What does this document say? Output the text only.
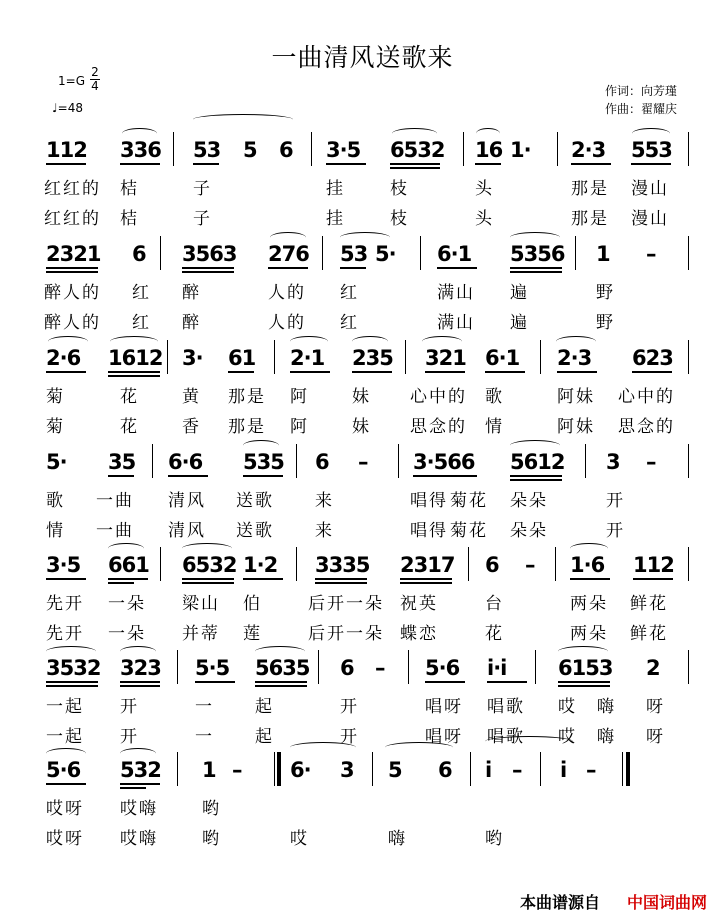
一曲清风送歌来
1=G
2
4
♩=48
作词：向芳瑾
作曲：翟耀庆
112 336 53 5 6 3·5 6532 16 1· 2·3 553
红红的 桔	子	挂	枝	头	那是 漫山
红红的 桔	子	挂	枝	头	那是 漫山
2321 6 3563 276 53 5· 6·1 5356 1 –
醉人的 红 醉	人的 红	满山 遍	野
醉人的 红 醉	人的 红	满山 遍	野
2·6 1612 3· 61 2·1 235 321 6·1 2·3 623
菊	花	黄 那是 阿	妹 心中的 歌	阿妹 心中的
菊	花	香 那是 阿	妹 思念的 情	阿妹 思念的
5· 35 6·6 535 6 – 3·566 5612 3 –
歌 一曲 清风 送歌 来	唱得 菊花 朵朵	开
情 一曲 清风 送歌 来	唱得 菊花 朵朵	开
3·5 661 6532 1·2 3335 2317 6 – 1·6 112
先开 一朵 梁山 伯	后开一朵 祝英	台	两朵 鲜花
先开 一朵 并蒂 莲	后开一朵 蝶恋	花	两朵 鲜花
3532 323 5·5 5635 6 – 5·6 i·i 6153 2
一起 开	一 起	开	唱呀 唱歌 哎 嗨 呀
一起 开	一 起	开	唱呀 唱歌 哎 嗨 呀
5·6 532 1 – 6· 3 5 6 i – i –
哎呀 哎嗨	哟
哎呀 哎嗨	哟	哎	嗨	哟
本曲谱源自 中国词曲网
